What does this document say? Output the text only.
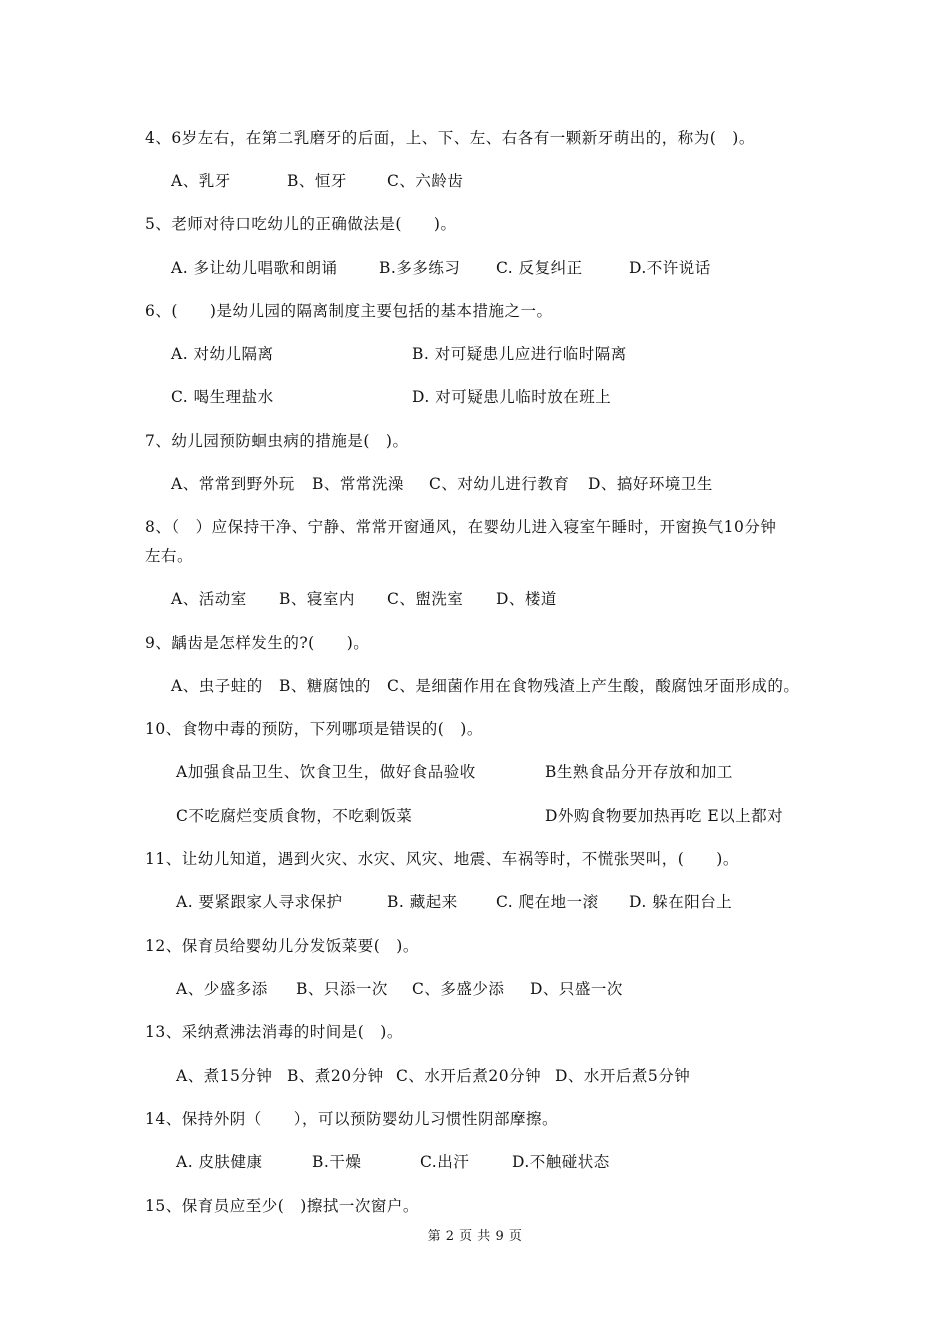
4、6岁左右，在第二乳磨牙的后面，上、下、左、右各有一颗新牙萌出的，称为(　)。
A、乳牙	B、恒牙	C、六龄齿
5、老师对待口吃幼儿的正确做法是(　　)。
A. 多让幼儿唱歌和朗诵	B.多多练习 C. 反复纠正	D.不许说话
6、(　　)是幼儿园的隔离制度主要包括的基本措施之一。
A. 对幼儿隔离	B. 对可疑患儿应进行临时隔离
C. 喝生理盐水	D. 对可疑患儿临时放在班上
7、幼儿园预防蛔虫病的措施是(　)。
A、常常到野外玩 B、常常洗澡 C、对幼儿进行教育 D、搞好环境卫生
8、（　）应保持干净、宁静、常常开窗通风，在婴幼儿进入寝室午睡时，开窗换气10分钟
左右。
A、活动室 B、寝室内 C、盥洗室 D、楼道
9、龋齿是怎样发生的?(　　)。
A、虫子蛀的 B、糖腐蚀的 C、是细菌作用在食物残渣上产生酸，酸腐蚀牙面形成的。
10、食物中毒的预防，下列哪项是错误的(　)。
A加强食品卫生、饮食卫生，做好食品验收	B生熟食品分开存放和加工
C不吃腐烂变质食物，不吃剩饭菜	D外购食物要加热再吃 E以上都对
11、让幼儿知道，遇到火灾、水灾、风灾、地震、车祸等时，不慌张哭叫，(　　)。
A. 要紧跟家人寻求保护	B. 藏起来 C. 爬在地一滚 D. 躲在阳台上
12、保育员给婴幼儿分发饭菜要(　)。
A、少盛多添 B、只添一次 C、多盛少添 D、只盛一次
13、采纳煮沸法消毒的时间是(　)。
A、煮15分钟 B、煮20分钟 C、水开后煮20分钟 D、水开后煮5分钟
14、保持外阴（　　），可以预防婴幼儿习惯性阴部摩擦。
A. 皮肤健康	B.干燥	C.出汗	D.不触碰状态
15、保育员应至少(　)擦拭一次窗户。
第 2 页 共 9 页
